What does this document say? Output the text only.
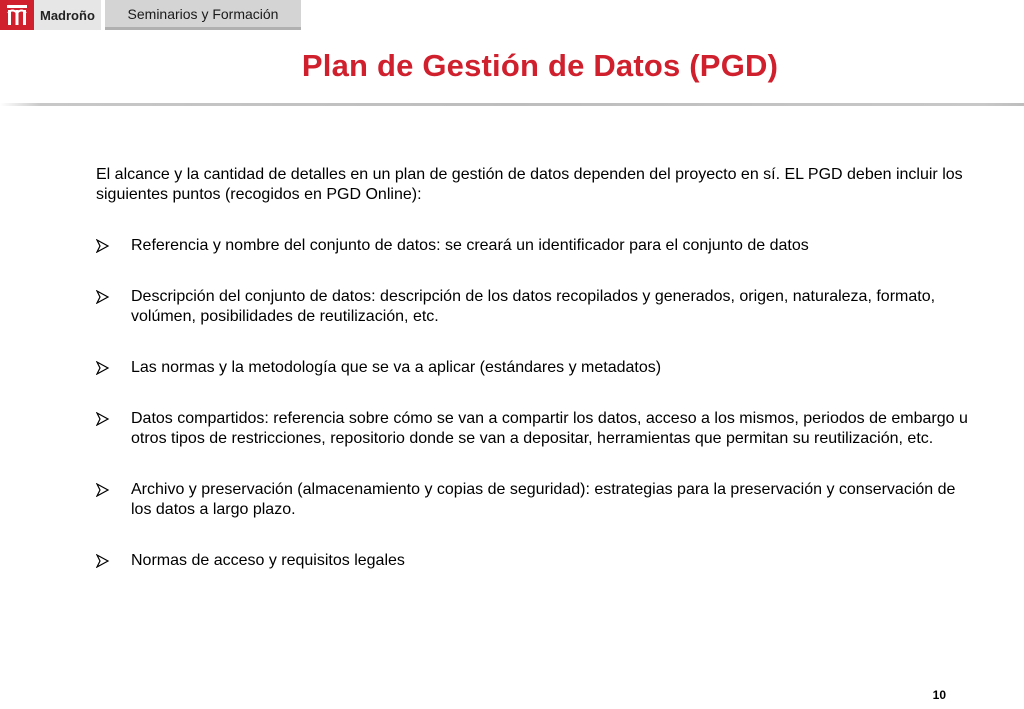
Madroño	Seminarios y Formación
Plan de Gestión de Datos (PGD)

El alcance y la cantidad de detalles en un plan de gestión de datos dependen del proyecto en sí. EL PGD deben incluir los siguientes puntos (recogidos en PGD Online):

Referencia y nombre del conjunto de datos: se creará un identificador para el conjunto de datos
Descripción del conjunto de datos: descripción de los datos recopilados y generados, origen, naturaleza, formato, volúmen, posibilidades de reutilización, etc.
Las normas y la metodología que se va a aplicar (estándares y metadatos)
Datos compartidos: referencia sobre cómo se van a compartir los datos, acceso a los mismos, periodos de embargo u otros tipos de restricciones, repositorio donde se van a depositar, herramientas que permitan su reutilización, etc.
Archivo y preservación (almacenamiento y copias de seguridad): estrategias para la preservación y conservación de los datos a largo plazo.
Normas de acceso y requisitos legales
10
